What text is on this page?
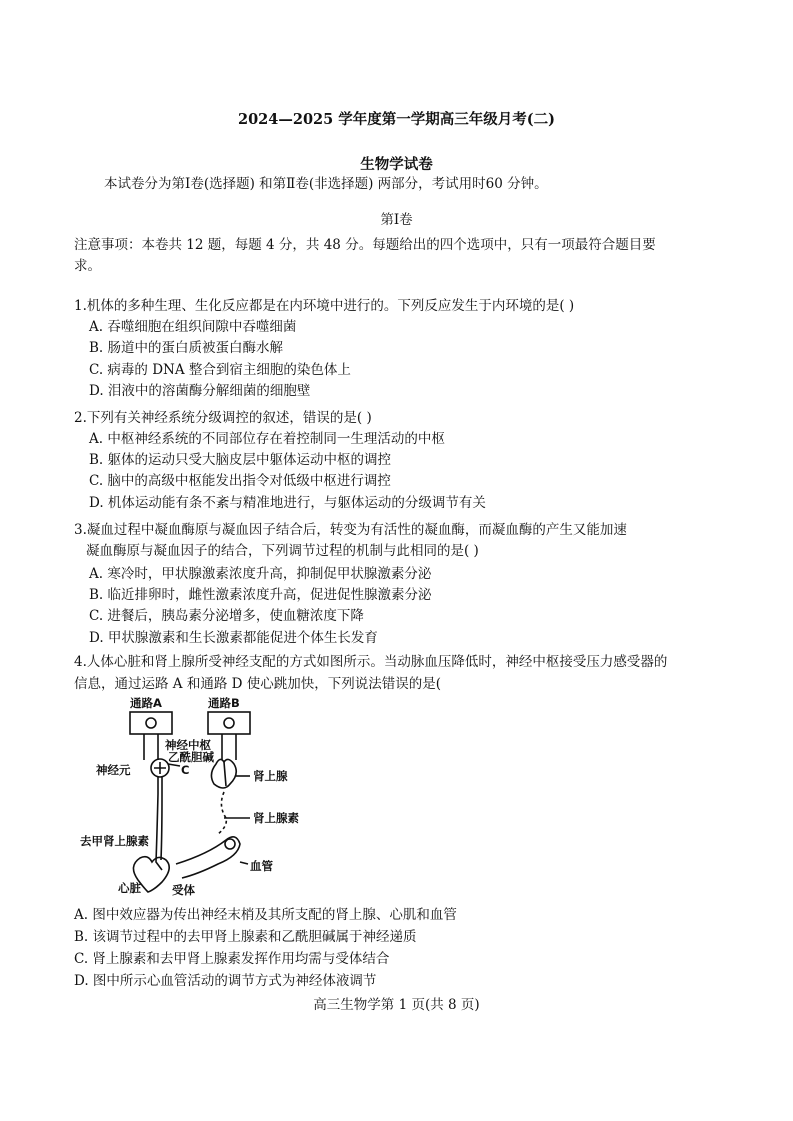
2024—2025 学年度第一学期高三年级月考(二)
生物学试卷
本试卷分为第Ⅰ卷(选择题) 和第Ⅱ卷(非选择题) 两部分，考试用时60 分钟。
第Ⅰ卷
注意事项：本卷共 12 题，每题 4 分，共 48 分。每题给出的四个选项中，只有一项最符合题目要
求。
1.机体的多种生理、生化反应都是在内环境中进行的。下列反应发生于内环境的是( )
A. 吞噬细胞在组织间隙中吞噬细菌
B. 肠道中的蛋白质被蛋白酶水解
C. 病毒的 DNA 整合到宿主细胞的染色体上
D. 泪液中的溶菌酶分解细菌的细胞壁
2.下列有关神经系统分级调控的叙述，错误的是( )
A. 中枢神经系统的不同部位存在着控制同一生理活动的中枢
B. 躯体的运动只受大脑皮层中躯体运动中枢的调控
C. 脑中的高级中枢能发出指令对低级中枢进行调控
D. 机体运动能有条不紊与精准地进行，与躯体运动的分级调节有关
3.凝血过程中凝血酶原与凝血因子结合后，转变为有活性的凝血酶，而凝血酶的产生又能加速
凝血酶原与凝血因子的结合，下列调节过程的机制与此相同的是( )
A. 寒冷时，甲状腺激素浓度升高，抑制促甲状腺激素分泌
B. 临近排卵时，雌性激素浓度升高，促进促性腺激素分泌
C. 进餐后，胰岛素分泌增多，使血糖浓度下降
D. 甲状腺激素和生长激素都能促进个体生长发育
4.人体心脏和肾上腺所受神经支配的方式如图所示。当动脉血压降低时，神经中枢接受压力感受器的
信息，通过运路 A 和通路 D 使心跳加快，下列说法错误的是(
通路A	通路B
神经中枢
乙酰胆碱
神经元	C	肾上腺
肾上腺素
去甲肾上腺素
血管
心脏	受体
A. 图中效应器为传出神经末梢及其所支配的肾上腺、心肌和血管
B. 该调节过程中的去甲肾上腺素和乙酰胆碱属于神经递质
C. 肾上腺素和去甲肾上腺素发挥作用均需与受体结合
D. 图中所示心血管活动的调节方式为神经体液调节
高三生物学第 1 页(共 8 页)
